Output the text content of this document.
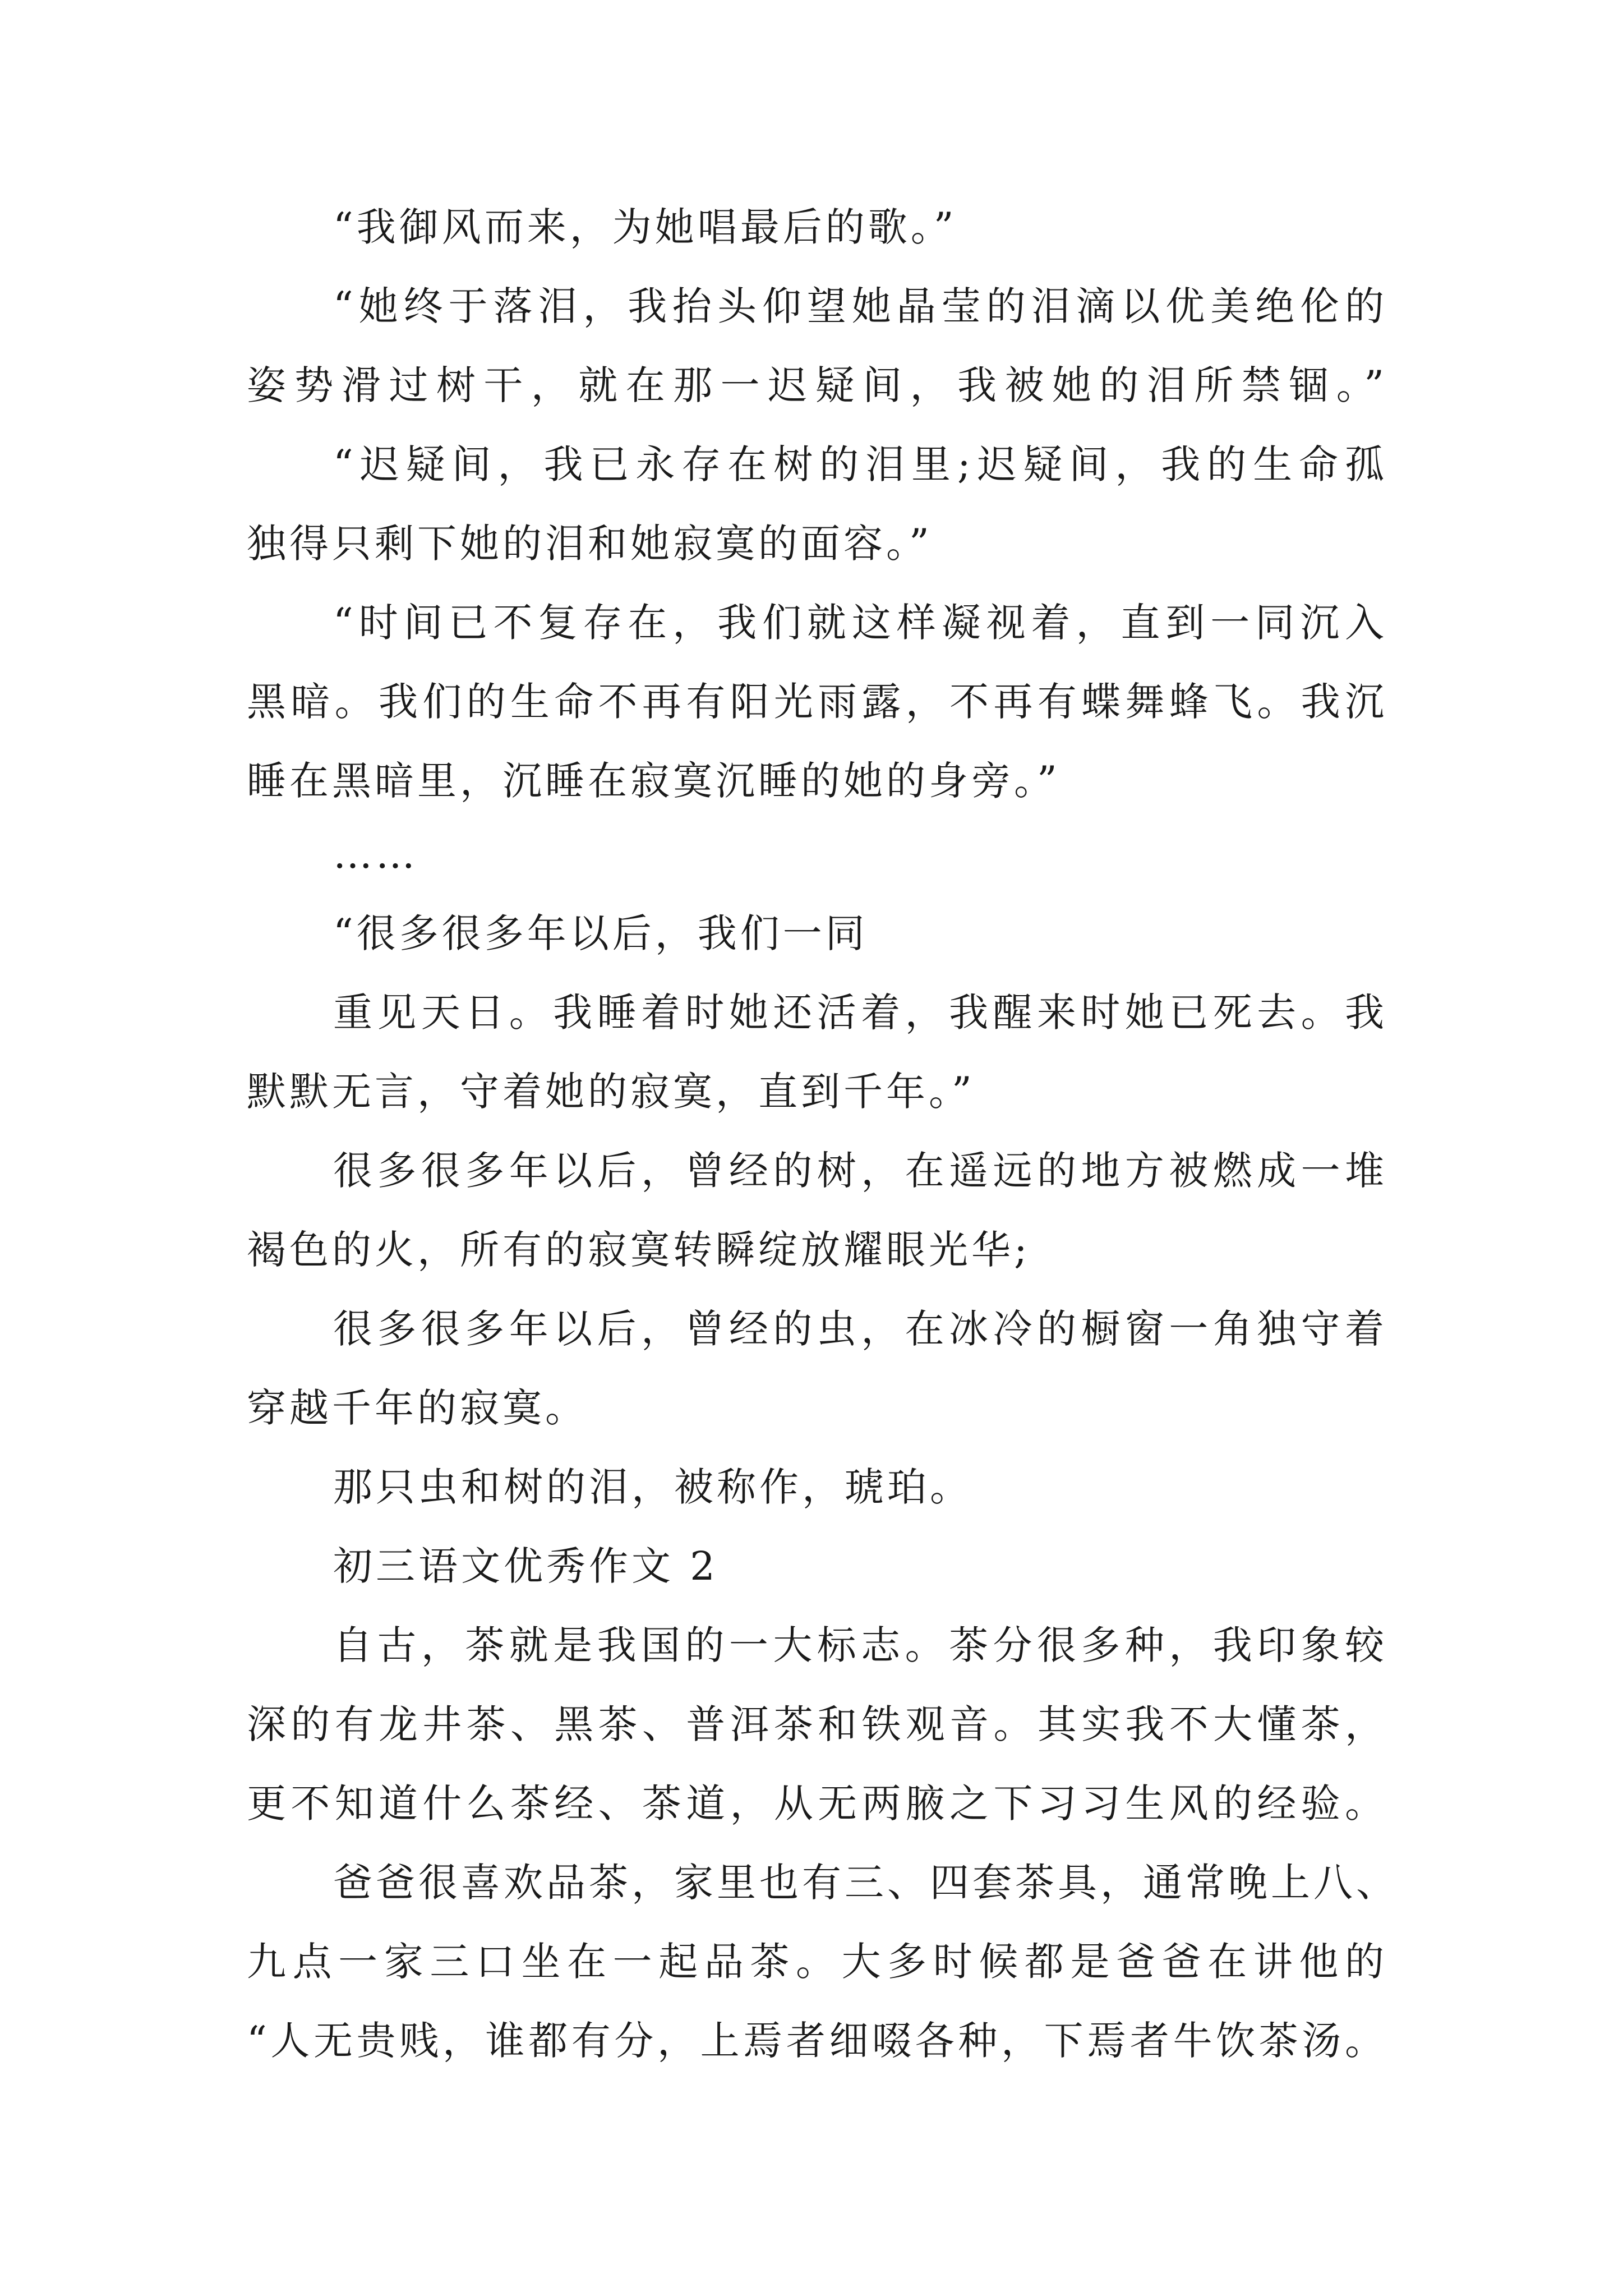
“我御风而来，为她唱最后的歌。”
“她终于落泪，我抬头仰望她晶莹的泪滴以优美绝伦的
姿势滑过树干，就在那一迟疑间，我被她的泪所禁锢。”
“迟疑间，我已永存在树的泪里;迟疑间，我的生命孤
独得只剩下她的泪和她寂寞的面容。”
“时间已不复存在，我们就这样凝视着，直到一同沉入
黑暗。我们的生命不再有阳光雨露，不再有蝶舞蜂飞。我沉
睡在黑暗里，沉睡在寂寞沉睡的她的身旁。”
……
“很多很多年以后，我们一同
重见天日。我睡着时她还活着，我醒来时她已死去。我
默默无言，守着她的寂寞，直到千年。”
很多很多年以后，曾经的树，在遥远的地方被燃成一堆
褐色的火，所有的寂寞转瞬绽放耀眼光华;
很多很多年以后，曾经的虫，在冰冷的橱窗一角独守着
穿越千年的寂寞。
那只虫和树的泪，被称作，琥珀。
初三语文优秀作文 2
自古，茶就是我国的一大标志。茶分很多种，我印象较
深的有龙井茶、黑茶、普洱茶和铁观音。其实我不大懂茶，
更不知道什么茶经、茶道，从无两腋之下习习生风的经验。
爸爸很喜欢品茶，家里也有三、四套茶具，通常晚上八、
九点一家三口坐在一起品茶。大多时候都是爸爸在讲他的
“人无贵贱，谁都有分，上焉者细啜各种，下焉者牛饮茶汤。
